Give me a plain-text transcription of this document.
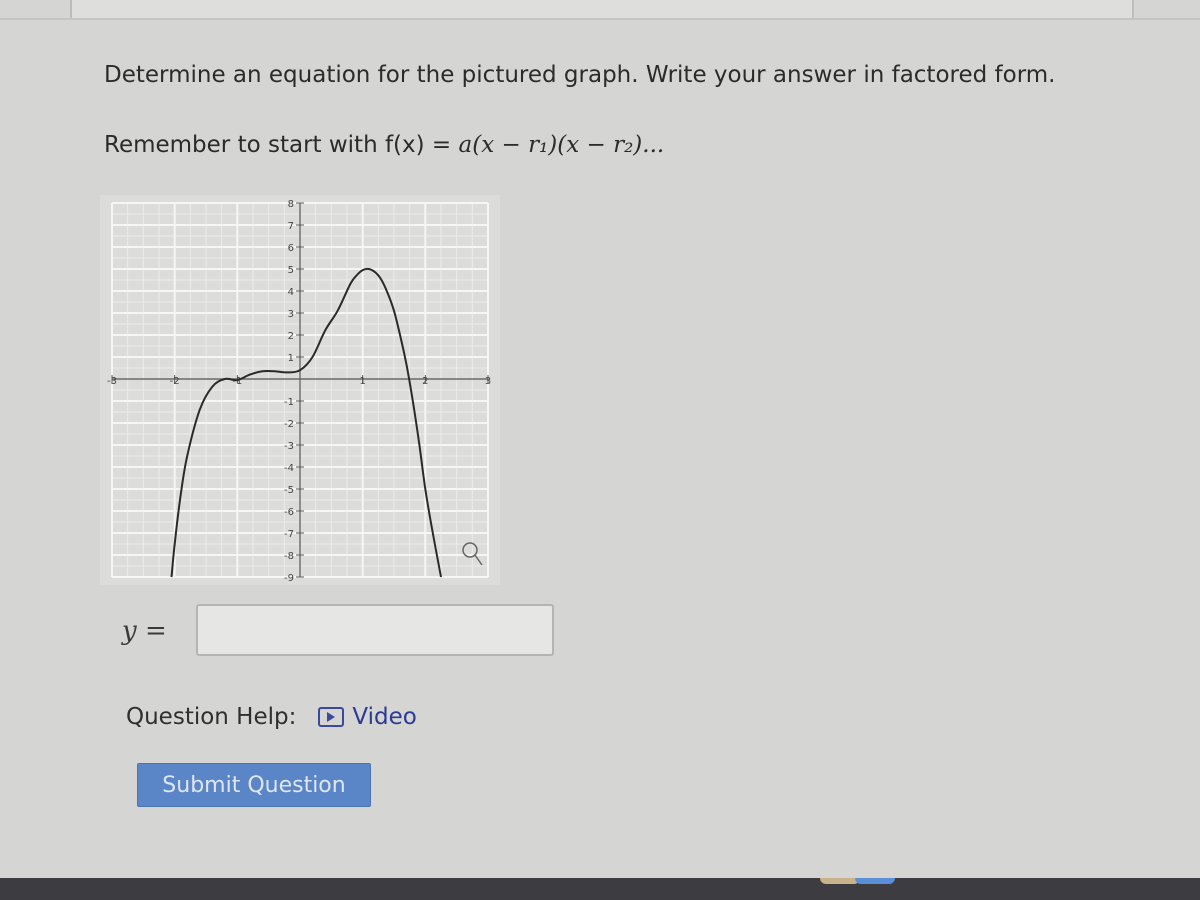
Determine an equation for the pictured graph. Write your answer in factored form.
Remember to start with f(x) = a(x − r₁)(x − r₂)...
-3	-2	-1	1	2	3
8
7
6
5
4
3
2
1
-1
-2
-3
-4
-5
-6
-7
-8
-9
y =
Question Help: Video
Submit Question
